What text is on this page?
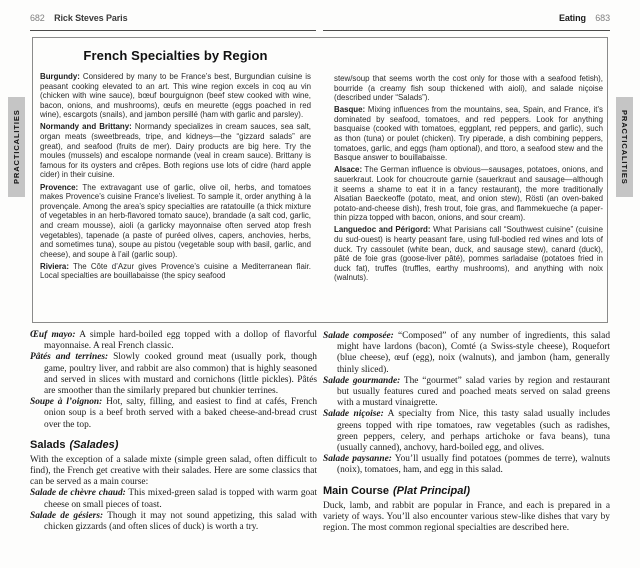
682 Rick Steves Paris	Eating 683
PRACTICALITIES	PRACTICALITIES
French Specialties by Region

Burgundy: Considered by many to be France’s best, Burgundian cuisine is peasant cooking elevated to an art. This wine region excels in coq au vin (chicken with wine sauce), bœuf bourguignon (beef stew cooked with wine, bacon, onions, and mushrooms), œufs en meurette (eggs poached in red wine), escargots (snails), and jambon persillé (ham with garlic and parsley).

Normandy and Brittany: Normandy specializes in cream sauces, sea salt, organ meats (sweetbreads, tripe, and kidneys—the “gizzard salads” are great), and seafood (fruits de mer). Dairy products are big here. Try the moules (mussels) and escalope normande (veal in cream sauce). Brittany is famous for its oysters and crêpes. Both regions use lots of cidre (hard apple cider) in their cuisine.

Provence: The extravagant use of garlic, olive oil, herbs, and tomatoes makes Provence’s cuisine France’s liveliest. To sample it, order anything à la provençale. Among the area’s spicy specialties are ratatouille (a thick mixture of vegetables in an herb-flavored tomato sauce), brandade (a salt cod, garlic, and cream mousse), aioli (a garlicky mayonnaise often served atop fresh vegetables), tapenade (a paste of puréed olives, capers, anchovies, herbs, and sometimes tuna), soupe au pistou (vegetable soup with basil, garlic, and cheese), and soupe à l’ail (garlic soup).

Riviera: The Côte d’Azur gives Provence’s cuisine a Mediterranean flair. Local specialties are bouillabaisse (the spicy seafood

stew/soup that seems worth the cost only for those with a seafood fetish), bourride (a creamy fish soup thickened with aioli), and salade niçoise (described under “Salads”).

Basque: Mixing influences from the mountains, sea, Spain, and France, it’s dominated by seafood, tomatoes, and red peppers. Look for anything basquaise (cooked with tomatoes, eggplant, red peppers, and garlic), such as thon (tuna) or poulet (chicken). Try piperade, a dish combining peppers, tomatoes, garlic, and eggs (ham optional), and ttoro, a seafood stew and the Basque answer to bouillabaisse.

Alsace: The German influence is obvious—sausages, potatoes, onions, and sauerkraut. Look for choucroute garnie (sauerkraut and sausage—although it seems a shame to eat it in a fancy restaurant), the more traditionally Alsatian Baeckeoffe (potato, meat, and onion stew), Rösti (an oven-baked potato-and-cheese dish), fresh trout, foie gras, and flammekueche (a paper-thin pizza topped with bacon, onions, and sour cream).

Languedoc and Périgord: What Parisians call “Southwest cuisine” (cuisine du sud-ouest) is hearty peasant fare, using full-bodied red wines and lots of duck. Try cassoulet (white bean, duck, and sausage stew), canard (duck), pâté de foie gras (goose-liver pâté), pommes sarladaise (potatoes fried in duck fat), truffes (truffles, earthy mushrooms), and anything with noix (walnuts).

Œuf mayo: A simple hard-boiled egg topped with a dollop of flavorful mayonnaise. A real French classic.

Pâtés and terrines: Slowly cooked ground meat (usually pork, though game, poultry liver, and rabbit are also common) that is highly seasoned and served in slices with mustard and cornichons (little pickles). Pâtés are smoother than the similarly prepared but chunkier terrines.

Soupe à l’oignon: Hot, salty, filling, and easiest to find at cafés, French onion soup is a beef broth served with a baked cheese-and-bread crust over the top.

Salads (Salades)

With the exception of a salade mixte (simple green salad, often difficult to find), the French get creative with their salades. Here are some classics that can be served as a main course:

Salade de chèvre chaud: This mixed-green salad is topped with warm goat cheese on small pieces of toast.

Salade de gésiers: Though it may not sound appetizing, this salad with chicken gizzards (and often slices of duck) is worth a try.

Salade composée: “Composed” of any number of ingredients, this salad might have lardons (bacon), Comté (a Swiss-style cheese), Roquefort (blue cheese), œuf (egg), noix (walnuts), and jambon (ham, generally thinly sliced).

Salade gourmande: The “gourmet” salad varies by region and restaurant but usually features cured and poached meats served on salad greens with a mustard vinaigrette.

Salade niçoise: A specialty from Nice, this tasty salad usually includes greens topped with ripe tomatoes, raw vegetables (such as radishes, green peppers, celery, and perhaps artichoke or fava beans), tuna (usually canned), anchovy, hard-boiled egg, and olives.

Salade paysanne: You’ll usually find potatoes (pommes de terre), walnuts (noix), tomatoes, ham, and egg in this salad.

Main Course (Plat Principal)

Duck, lamb, and rabbit are popular in France, and each is prepared in a variety of ways. You’ll also encounter various stew-like dishes that vary by region. The most common regional specialties are described here.
